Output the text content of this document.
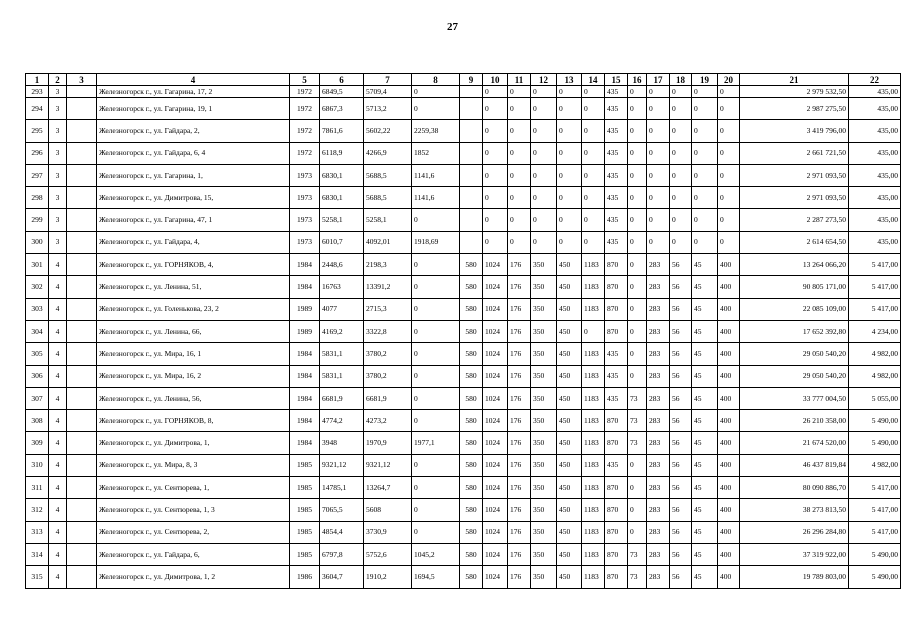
27
1	2	3	4	5	6	7	8	9	10	11	12	13	14	15	16	17	18	19	20	21	22
293	3		Железногорск г., ул. Гагарина, 17, 2	1972	6849,5	5709,4	0		0	0	0	0	0	435	0	0	0	0	0	2 979 532,50	435,00
294	3		Железногорск г., ул. Гагарина, 19, 1	1972	6867,3	5713,2	0		0	0	0	0	0	435	0	0	0	0	0	2 987 275,50	435,00
295	3		Железногорск г., ул. Гайдара, 2,	1972	7861,6	5602,22	2259,38		0	0	0	0	0	435	0	0	0	0	0	3 419 796,00	435,00
296	3		Железногорск г., ул. Гайдара, 6, 4	1972	6118,9	4266,9	1852		0	0	0	0	0	435	0	0	0	0	0	2 661 721,50	435,00
297	3		Железногорск г., ул. Гагарина, 1,	1973	6830,1	5688,5	1141,6		0	0	0	0	0	435	0	0	0	0	0	2 971 093,50	435,00
298	3		Железногорск г., ул. Димитрова, 15,	1973	6830,1	5688,5	1141,6		0	0	0	0	0	435	0	0	0	0	0	2 971 093,50	435,00
299	3		Железногорск г., ул. Гагарина, 47, 1	1973	5258,1	5258,1	0		0	0	0	0	0	435	0	0	0	0	0	2 287 273,50	435,00
300	3		Железногорск г., ул. Гайдара, 4,	1973	6010,7	4092,01	1918,69		0	0	0	0	0	435	0	0	0	0	0	2 614 654,50	435,00
301	4		Железногорск г., ул. ГОРНЯКОВ, 4,	1984	2448,6	2198,3	0	580	1024	176	350	450	1183	870	0	283	56	45	400	13 264 066,20	5 417,00
302	4		Железногорск г., ул. Ленина, 51,	1984	16763	13391,2	0	580	1024	176	350	450	1183	870	0	283	56	45	400	90 805 171,00	5 417,00
303	4		Железногорск г., ул. Голенькова, 23, 2	1989	4077	2715,3	0	580	1024	176	350	450	1183	870	0	283	56	45	400	22 085 109,00	5 417,00
304	4		Железногорск г., ул. Ленина, 66,	1989	4169,2	3322,8	0	580	1024	176	350	450	0	870	0	283	56	45	400	17 652 392,80	4 234,00
305	4		Железногорск г., ул. Мира, 16, 1	1984	5831,1	3780,2	0	580	1024	176	350	450	1183	435	0	283	56	45	400	29 050 540,20	4 982,00
306	4		Железногорск г., ул. Мира, 16, 2	1984	5831,1	3780,2	0	580	1024	176	350	450	1183	435	0	283	56	45	400	29 050 540,20	4 982,00
307	4		Железногорск г., ул. Ленина, 56,	1984	6681,9	6681,9	0	580	1024	176	350	450	1183	435	73	283	56	45	400	33 777 004,50	5 055,00
308	4		Железногорск г., ул. ГОРНЯКОВ, 8,	1984	4774,2	4273,2	0	580	1024	176	350	450	1183	870	73	283	56	45	400	26 210 358,00	5 490,00
309	4		Железногорск г., ул. Димитрова, 1,	1984	3948	1970,9	1977,1	580	1024	176	350	450	1183	870	73	283	56	45	400	21 674 520,00	5 490,00
310	4		Железногорск г., ул. Мира, 8, 3	1985	9321,12	9321,12	0	580	1024	176	350	450	1183	435	0	283	56	45	400	46 437 819,84	4 982,00
311	4		Железногорск г., ул. Сентюрева, 1,	1985	14785,1	13264,7	0	580	1024	176	350	450	1183	870	0	283	56	45	400	80 090 886,70	5 417,00
312	4		Железногорск г., ул. Сентюрева, 1, 3	1985	7065,5	5608	0	580	1024	176	350	450	1183	870	0	283	56	45	400	38 273 813,50	5 417,00
313	4		Железногорск г., ул. Сентюрева, 2,	1985	4854,4	3730,9	0	580	1024	176	350	450	1183	870	0	283	56	45	400	26 296 284,80	5 417,00
314	4		Железногорск г., ул. Гайдара, 6,	1985	6797,8	5752,6	1045,2	580	1024	176	350	450	1183	870	73	283	56	45	400	37 319 922,00	5 490,00
315	4		Железногорск г., ул. Димитрова, 1, 2	1986	3604,7	1910,2	1694,5	580	1024	176	350	450	1183	870	73	283	56	45	400	19 789 803,00	5 490,00
